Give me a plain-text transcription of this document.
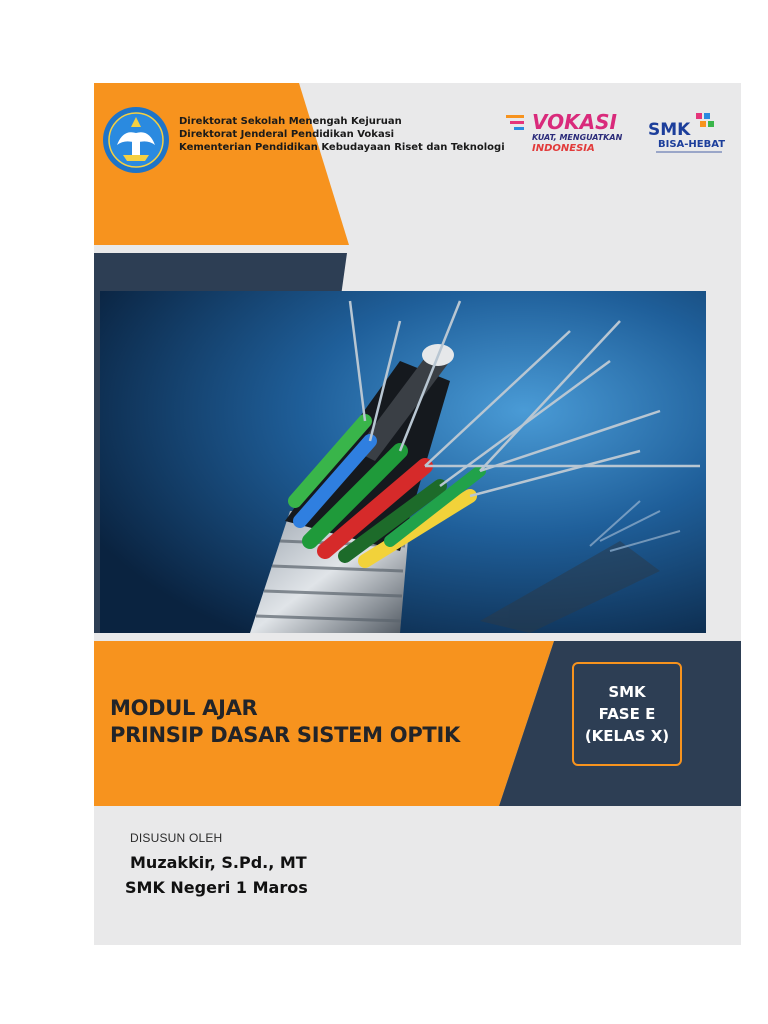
Direktorat Sekolah Menengah Kejuruan
Direktorat Jenderal Pendidikan Vokasi
Kementerian Pendidikan Kebudayaan Riset dan Teknologi
VOKASI
KUAT, MENGUATKAN
INDONESIA
SMK
BISA-HEBAT
MODUL AJAR
PRINSIP DASAR SISTEM OPTIK
SMK
FASE E
(KELAS X)
DISUSUN OLEH
Muzakkir, S.Pd., MT
SMK Negeri 1 Maros
